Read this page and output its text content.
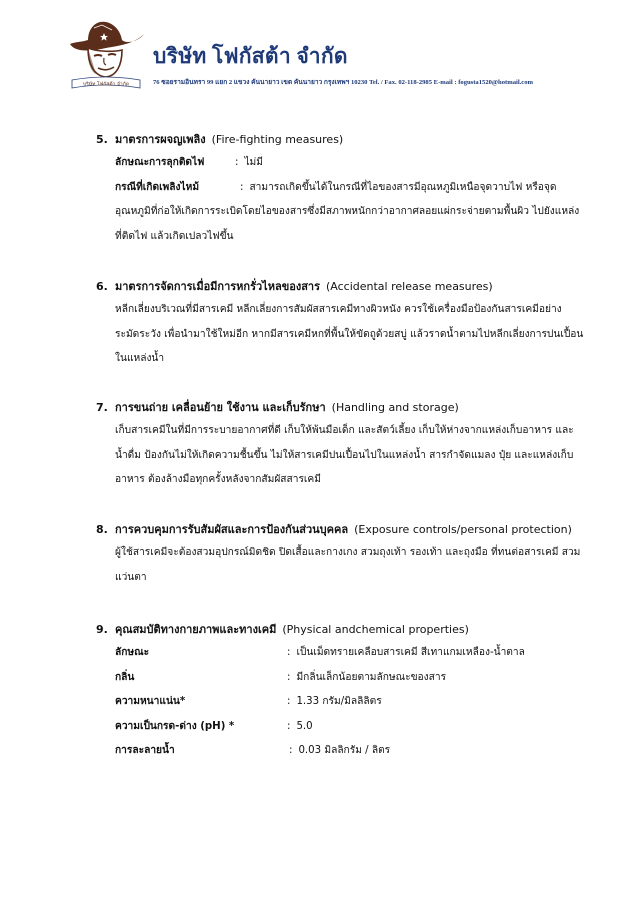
บริษัท โฟกัสต้า จำกัด
บริษัท โฟกัสต้า จำกัด
76 ซอยรามอินทรา 99 แยก 2 แขวง คันนายาว เขต คันนายาว กรุงเทพฯ 10230 Tel. / Fax. 02-118-2985 E-mail : fogusta1520@hotmail.com
5. มาตรการผจญเพลิง (Fire-fighting measures)
ลักษณะการลุกติดไฟ	: ไม่มี
กรณีที่เกิดเพลิงไหม้	: สามารถเกิดขึ้นได้ในกรณีที่ไอของสารมีอุณหภูมิเหนือจุดวาบไฟ หรือจุด
อุณหภูมิที่ก่อให้เกิดการระเบิดโดยไอของสารซึ่งมีสภาพหนักกว่าอากาศลอยแผ่กระจ่ายตามพื้นผิว ไปยังแหล่ง
ที่ติดไฟ แล้วเกิดเปลวไฟขึ้น
6. มาตรการจัดการเมื่อมีการหกรั่วไหลของสาร (Accidental release measures)
หลีกเลี่ยงบริเวณที่มีสารเคมี หลีกเลี่ยงการสัมผัสสารเคมีทางผิวหนัง ควรใช้เครื่องมือป้องกันสารเคมีอย่าง
ระมัดระวัง เพื่อนำมาใช้ใหม่อีก หากมีสารเคมีหกที่พื้นให้ขัดถูด้วยสบู่ แล้วราดน้ำตามไปหลีกเลี่ยงการปนเปื้อน
ในแหล่งน้ำ
7. การขนถ่าย เคลื่อนย้าย ใช้งาน และเก็บรักษา (Handling and storage)
เก็บสารเคมีในที่มีการระบายอากาศที่ดี เก็บให้พ้นมือเด็ก และสัตว์เลี้ยง เก็บให้ห่างจากแหล่งเก็บอาหาร และ
น้ำดื่ม ป้องกันไม่ให้เกิดความชื้นขึ้น ไม่ให้สารเคมีปนเปื้อนไปในแหล่งน้ำ สารกำจัดแมลง ปุ๋ย และแหล่งเก็บ
อาหาร ต้องล้างมือทุกครั้งหลังจากสัมผัสสารเคมี
8. การควบคุมการรับสัมผัสและการป้องกันส่วนบุคคล (Exposure controls/personal protection)
ผู้ใช้สารเคมีจะต้องสวมอุปกรณ์มิดชิด ปิดเสื้อและกางเกง สวมถุงเท้า รองเท้า และถุงมือ ที่ทนต่อสารเคมี สวม
แว่นตา
9. คุณสมบัติทางกายภาพและทางเคมี (Physical andchemical properties)
ลักษณะ	: เป็นเม็ดทรายเคลือบสารเคมี สีเทาแกมเหลือง-น้ำตาล
กลิ่น	: มีกลิ่นเล็กน้อยตามลักษณะของสาร
ความหนาแน่น*	: 1.33 กรัม/มิลลิลิตร
ความเป็นกรด-ด่าง (pH) *	: 5.0
การละลายน้ำ	: 0.03 มิลลิกรัม / ลิตร
